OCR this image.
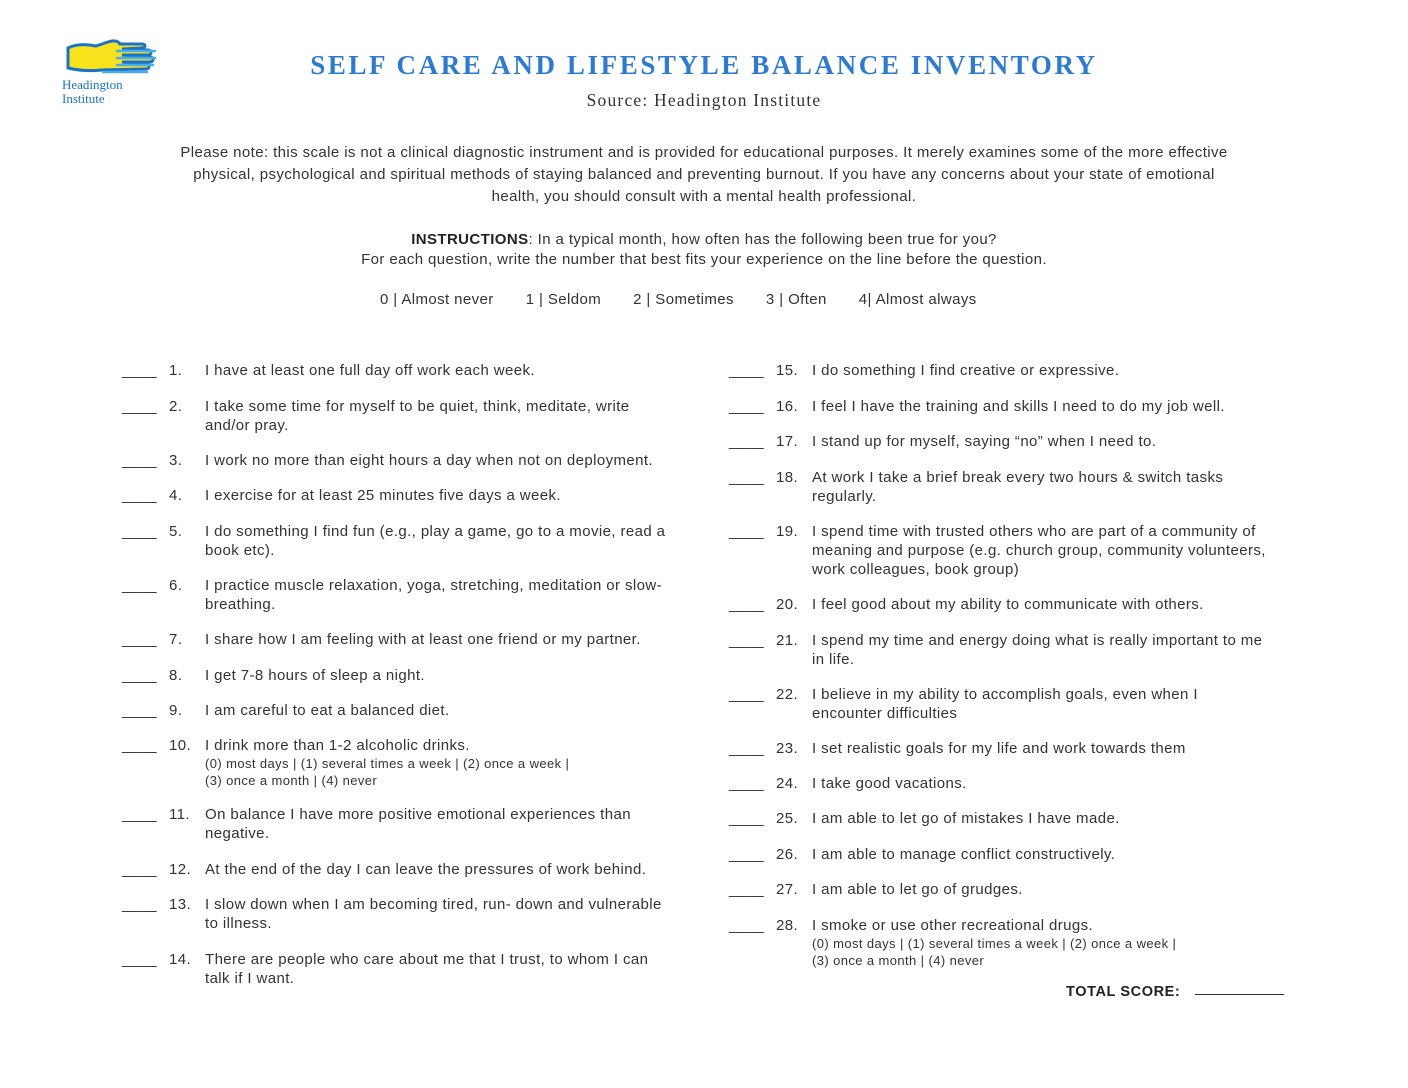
Headington
Institute
SELF CARE AND LIFESTYLE BALANCE INVENTORY
Source: Headington Institute

Please note: this scale is not a clinical diagnostic instrument and is provided for educational purposes. It merely examines some of the more effective
physical, psychological and spiritual methods of staying balanced and preventing burnout. If you have any concerns about your state of emotional
health, you should consult with a mental health professional.

INSTRUCTIONS: In a typical month, how often has the following been true for you?
For each question, write the number that best fits your experience on the line before the question.
0 | Almost never 1 | Seldom 2 | Sometimes 3 | Often 4| Almost always
____ 1. I have at least one full day off work each week.
____ 2. I take some time for myself to be quiet, think, meditate, write
and/or pray.
____ 3. I work no more than eight hours a day when not on deployment.
____ 4. I exercise for at least 25 minutes five days a week.
____ 5. I do something I find fun (e.g., play a game, go to a movie, read a
book etc).
____ 6. I practice muscle relaxation, yoga, stretching, meditation or slow-
breathing.
____ 7. I share how I am feeling with at least one friend or my partner.
____ 8. I get 7-8 hours of sleep a night.
____ 9. I am careful to eat a balanced diet.
____ 10. I drink more than 1-2 alcoholic drinks.
(0) most days | (1) several times a week | (2) once a week |
(3) once a month | (4) never
____ 11. On balance I have more positive emotional experiences than
negative.
____ 12. At the end of the day I can leave the pressures of work behind.
____ 13. I slow down when I am becoming tired, run- down and vulnerable
to illness.
____ 14. There are people who care about me that I trust, to whom I can
talk if I want.
____ 15. I do something I find creative or expressive.
____ 16. I feel I have the training and skills I need to do my job well.
____ 17. I stand up for myself, saying “no” when I need to.
____ 18. At work I take a brief break every two hours & switch tasks
regularly.
____ 19. I spend time with trusted others who are part of a community of
meaning and purpose (e.g. church group, community volunteers,
work colleagues, book group)
____ 20. I feel good about my ability to communicate with others.
____ 21. I spend my time and energy doing what is really important to me
in life.
____ 22. I believe in my ability to accomplish goals, even when I
encounter difficulties
____ 23. I set realistic goals for my life and work towards them
____ 24. I take good vacations.
____ 25. I am able to let go of mistakes I have made.
____ 26. I am able to manage conflict constructively.
____ 27. I am able to let go of grudges.
____ 28. I smoke or use other recreational drugs.
(0) most days | (1) several times a week | (2) once a week |
(3) once a month | (4) never
TOTAL SCORE:
